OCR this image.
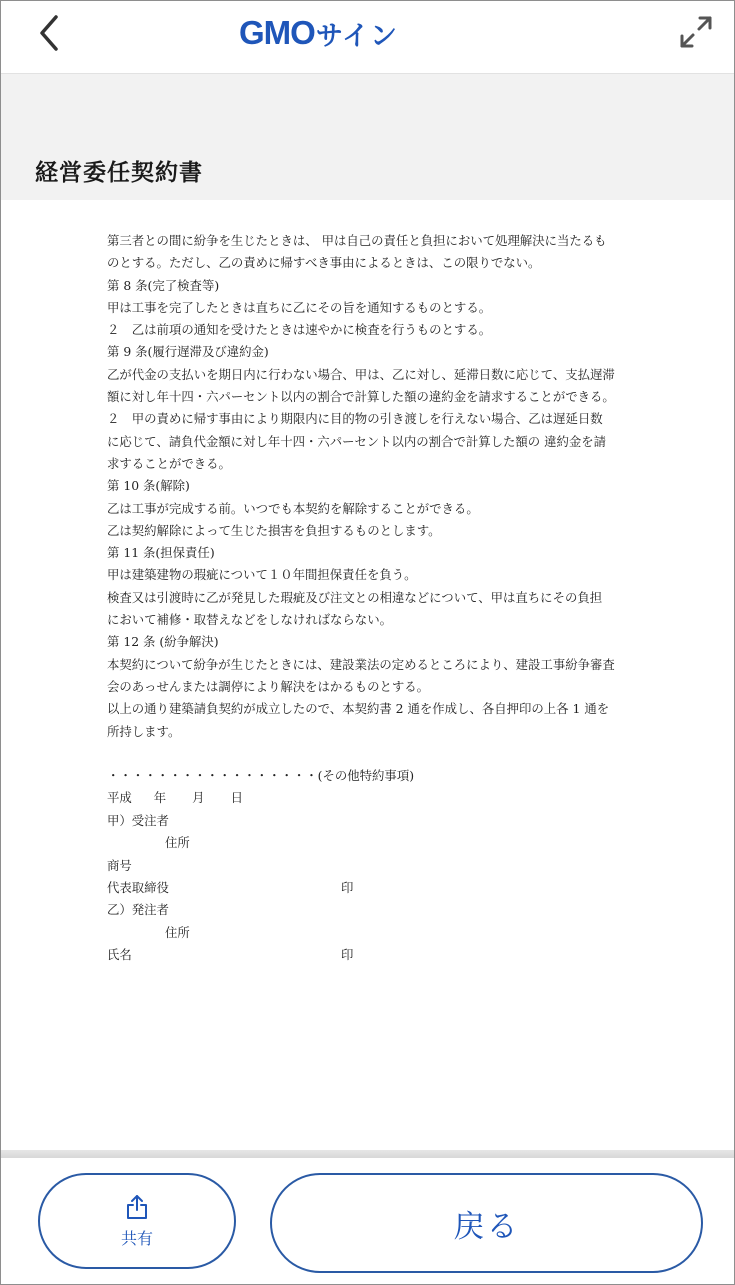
GMO サイン
経営委任契約書
第三者との間に紛争を生じたときは、 甲は自己の責任と負担において処理解決に当たるも
のとする。ただし、乙の責めに帰すべき事由によるときは、この限りでない。
第 8 条(完了検査等)
甲は工事を完了したときは直ちに乙にその旨を通知するものとする。
２　乙は前項の通知を受けたときは速やかに検査を行うものとする。
第 9 条(履行遅滞及び違約金)
乙が代金の支払いを期日内に行わない場合、甲は、乙に対し、延滞日数に応じて、支払遅滞
額に対し年十四・六パーセント以内の割合で計算した額の違約金を請求することができる。
２　甲の責めに帰す事由により期限内に目的物の引き渡しを行えない場合、乙は遅延日数
に応じて、請負代金額に対し年十四・六パーセント以内の割合で計算した額の 違約金を請
求することができる。
第 10 条(解除)
乙は工事が完成する前。いつでも本契約を解除することができる。
乙は契約解除によって生じた損害を負担するものとします。
第 11 条(担保責任)
甲は建築建物の瑕疵について１０年間担保責任を負う。
検査又は引渡時に乙が発見した瑕疵及び注文との相違などについて、甲は直ちにその負担
において補修・取替えなどをしなければならない。
第 12 条 (紛争解決)
本契約について紛争が生じたときには、建設業法の定めるところにより、建設工事紛争審査
会のあっせんまたは調停により解決をはかるものとする。
以上の通り建築請負契約が成立したので、本契約書 2 通を作成し、各自押印の上各 1 通を
所持します。
・・・・・・・・・・・・・・・・・(その他特約事項)
平成 年 月 日
甲）受注者
住所
商号
代表取締役	印
乙）発注者
住所
氏名	印
共有	戻る
